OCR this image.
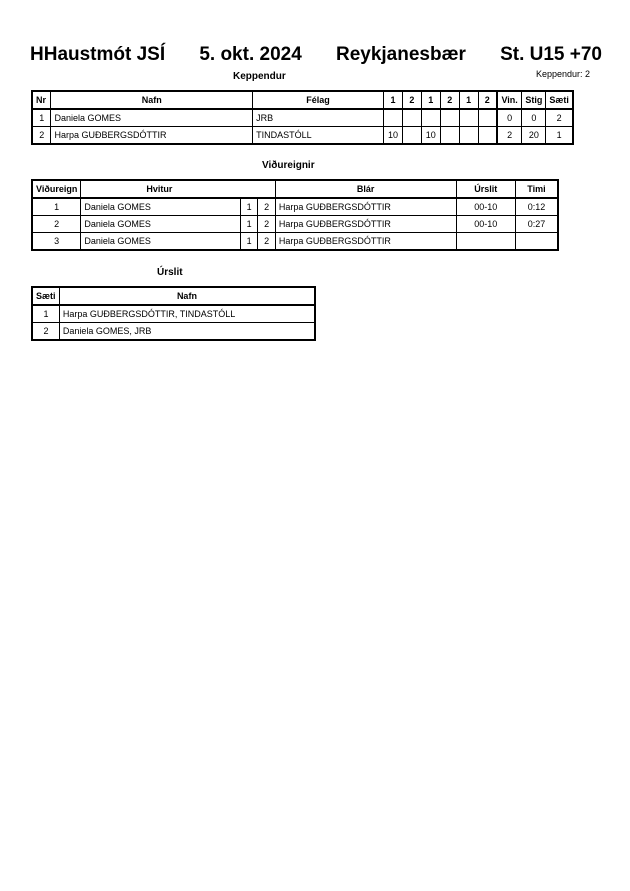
HHaustmót JSÍ 5. okt. 2024 Reykjanesbær St. U15 +70
Keppendur	Keppendur: 2
Nr	Nafn	Félag	1	2	1	2	1	2	Vin.	Stig	Sæti
1	Daniela GOMES	JRB							0	0	2
2	Harpa GUÐBERGSDÓTTIR	TINDASTÓLL	10		10				2	20	1
Viðureignir
Viðureign	Hvitur			Blár	Úrslit	Timi
1	Daniela GOMES	1	2	Harpa GUÐBERGSDÓTTIR	00-10	0:12
2	Daniela GOMES	1	2	Harpa GUÐBERGSDÓTTIR	00-10	0:27
3	Daniela GOMES	1	2	Harpa GUÐBERGSDÓTTIR		
Úrslit
Sæti	Nafn
1	Harpa GUÐBERGSDÓTTIR, TINDASTÓLL
2	Daniela GOMES, JRB
